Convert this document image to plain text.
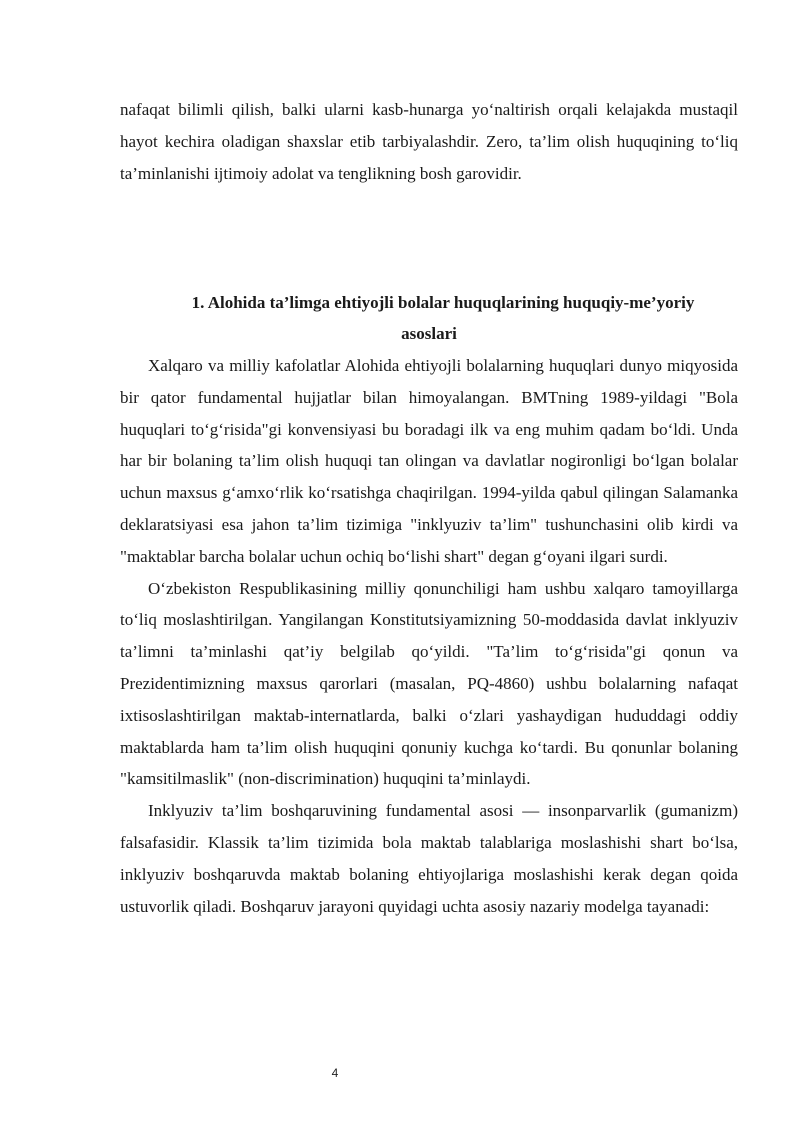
nafaqat bilimli qilish, balki ularni kasb-hunarga yo‘naltirish orqali kelajakda mustaqil hayot kechira oladigan shaxslar etib tarbiyalashdir. Zero, ta’lim olish huquqining to‘liq ta’minlanishi ijtimoiy adolat va tenglikning bosh garovidir.

1. Alohida ta’limga ehtiyojli bolalar huquqlarining huquqiy-me’yoriy
asoslari

Xalqaro va milliy kafolatlar Alohida ehtiyojli bolalarning huquqlari dunyo miqyosida bir qator fundamental hujjatlar bilan himoyalangan. BMTning 1989-yildagi "Bola huquqlari to‘g‘risida"gi konvensiyasi bu boradagi ilk va eng muhim qadam bo‘ldi. Unda har bir bolaning ta’lim olish huquqi tan olingan va davlatlar nogironligi bo‘lgan bolalar uchun maxsus g‘amxo‘rlik ko‘rsatishga chaqirilgan. 1994-yilda qabul qilingan Salamanka deklaratsiyasi esa jahon ta’lim tizimiga "inklyuziv ta’lim" tushunchasini olib kirdi va "maktablar barcha bolalar uchun ochiq bo‘lishi shart" degan g‘oyani ilgari surdi.

O‘zbekiston Respublikasining milliy qonunchiligi ham ushbu xalqaro tamoyillarga to‘liq moslashtirilgan. Yangilangan Konstitutsiyamizning 50-moddasida davlat inklyuziv ta’limni ta’minlashi qat’iy belgilab qo‘yildi. "Ta’lim to‘g‘risida"gi qonun va Prezidentimizning maxsus qarorlari (masalan, PQ-4860) ushbu bolalarning nafaqat ixtisoslashtirilgan maktab-internatlarda, balki o‘zlari yashaydigan hududdagi oddiy maktablarda ham ta’lim olish huquqini qonuniy kuchga ko‘tardi. Bu qonunlar bolaning "kamsitilmaslik" (non-discrimination) huquqini ta’minlaydi.

Inklyuziv ta’lim boshqaruvining fundamental asosi — insonparvarlik (gumanizm) falsafasidir. Klassik ta’lim tizimida bola maktab talablariga moslashishi shart bo‘lsa, inklyuziv boshqaruvda maktab bolaning ehtiyojlariga moslashishi kerak degan qoida ustuvorlik qiladi. Boshqaruv jarayoni quyidagi uchta asosiy nazariy modelga tayanadi:

4
